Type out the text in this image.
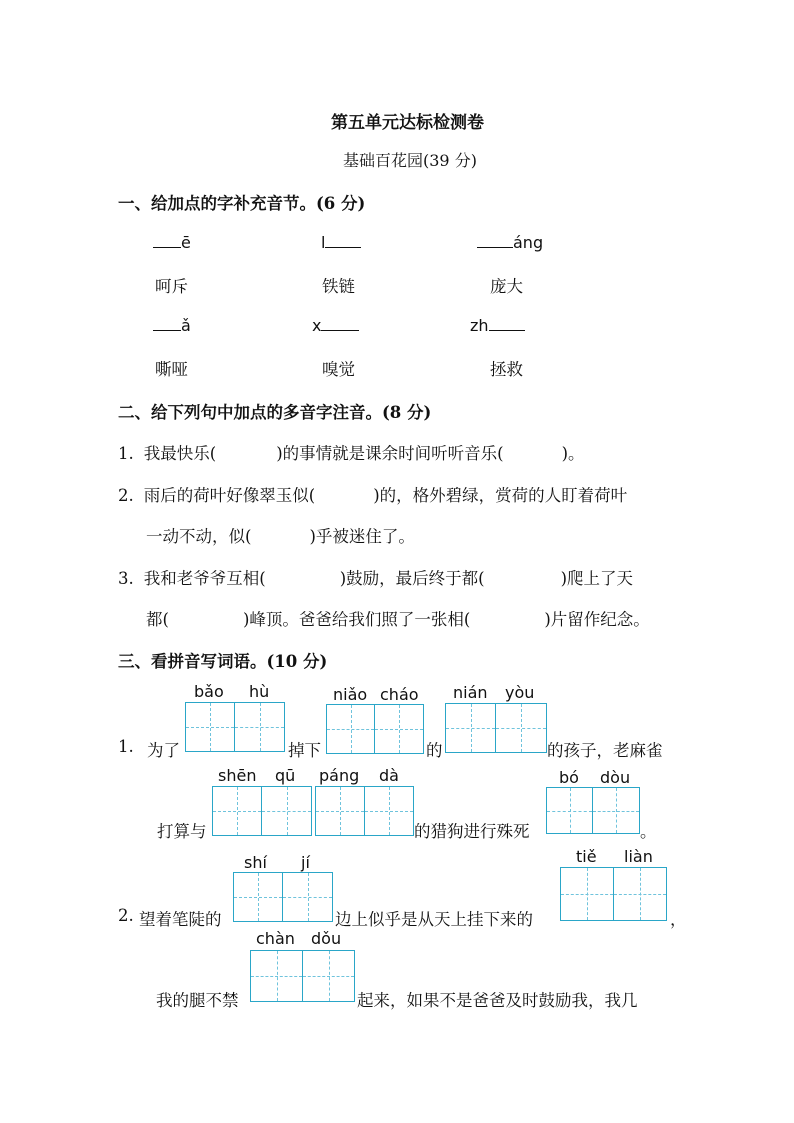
第五单元达标检测卷
基础百花园(39 分)
一、给加点的字补充音节。(6 分)
ē	l	áng
呵斥	铁链	庞大
ǎ	x	zh
嘶哑	嗅觉	拯救
二、给下列句中加点的多音字注音。(8 分)
1. 我最快乐(	)的事情就是课余时间听听音乐(	)。
2. 雨后的荷叶好像翠玉似(	)的，格外碧绿，赏荷的人盯着荷叶
一动不动，似(	)乎被迷住了。
3. 我和老爷爷互相(	)鼓励，最后终于都(	)爬上了天
都(	)峰顶。爸爸给我们照了一张相(	)片留作纪念。
三、看拼音写词语。(10 分)
bǎo hù	niǎo cháo nián yòu
1. 为了	掉下	的	的孩子，老麻雀
shēn qū páng dà	bó dòu
打算与	的猎狗进行殊死	。
shí jí	tiě liàn
2. 望着笔陡的	边上似乎是从天上挂下来的	，
chàn dǒu
我的腿不禁	起来，如果不是爸爸及时鼓励我，我几
